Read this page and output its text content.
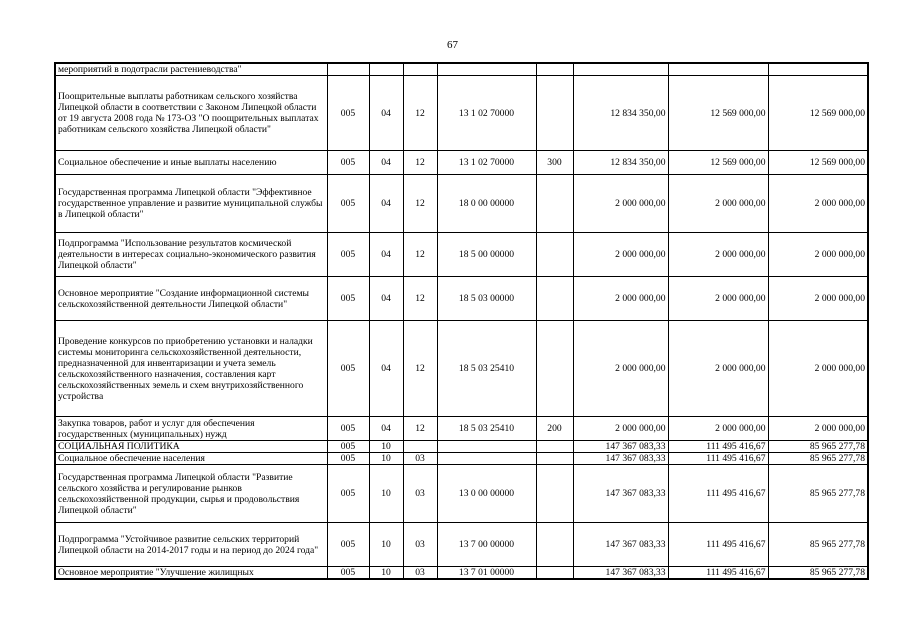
67
мероприятий в подотрасли растениеводства"								
Поощрительные выплаты работникам сельского хозяйства Липецкой области в соответствии с Законом Липецкой области от 19 августа 2008 года № 173-ОЗ "О поощрительных выплатах работникам сельского хозяйства Липецкой области"	005	04	12	13 1 02 70000		12 834 350,00	12 569 000,00	12 569 000,00
Социальное обеспечение и иные выплаты населению	005	04	12	13 1 02 70000	300	12 834 350,00	12 569 000,00	12 569 000,00
Государственная программа Липецкой области "Эффективное государственное управление и развитие муниципальной службы в Липецкой области"	005	04	12	18 0 00 00000		2 000 000,00	2 000 000,00	2 000 000,00
Подпрограмма "Использование результатов космической деятельности в интересах социально-экономического развития Липецкой области"	005	04	12	18 5 00 00000		2 000 000,00	2 000 000,00	2 000 000,00
Основное мероприятие "Создание информационной системы сельскохозяйственной деятельности Липецкой области"	005	04	12	18 5 03 00000		2 000 000,00	2 000 000,00	2 000 000,00
Проведение конкурсов по приобретению установки и наладки системы мониторинга сельскохозяйственной деятельности, предназначенной для инвентаризации и учета земель сельскохозяйственного назначения, составления карт сельскохозяйственных земель и схем внутрихозяйственного устройства	005	04	12	18 5 03 25410		2 000 000,00	2 000 000,00	2 000 000,00
Закупка товаров, работ и услуг для обеспечения государственных (муниципальных) нужд	005	04	12	18 5 03 25410	200	2 000 000,00	2 000 000,00	2 000 000,00
СОЦИАЛЬНАЯ ПОЛИТИКА	005	10				147 367 083,33	111 495 416,67	85 965 277,78
Социальное обеспечение населения	005	10	03			147 367 083,33	111 495 416,67	85 965 277,78
Государственная программа Липецкой области "Развитие сельского хозяйства и регулирование рынков сельскохозяйственной продукции, сырья и продовольствия Липецкой области"	005	10	03	13 0 00 00000		147 367 083,33	111 495 416,67	85 965 277,78
Подпрограмма "Устойчивое развитие сельских территорий Липецкой области на 2014-2017 годы и на период до 2024 года"	005	10	03	13 7 00 00000		147 367 083,33	111 495 416,67	85 965 277,78
Основное мероприятие "Улучшение жилищных	005	10	03	13 7 01 00000		147 367 083,33	111 495 416,67	85 965 277,78
